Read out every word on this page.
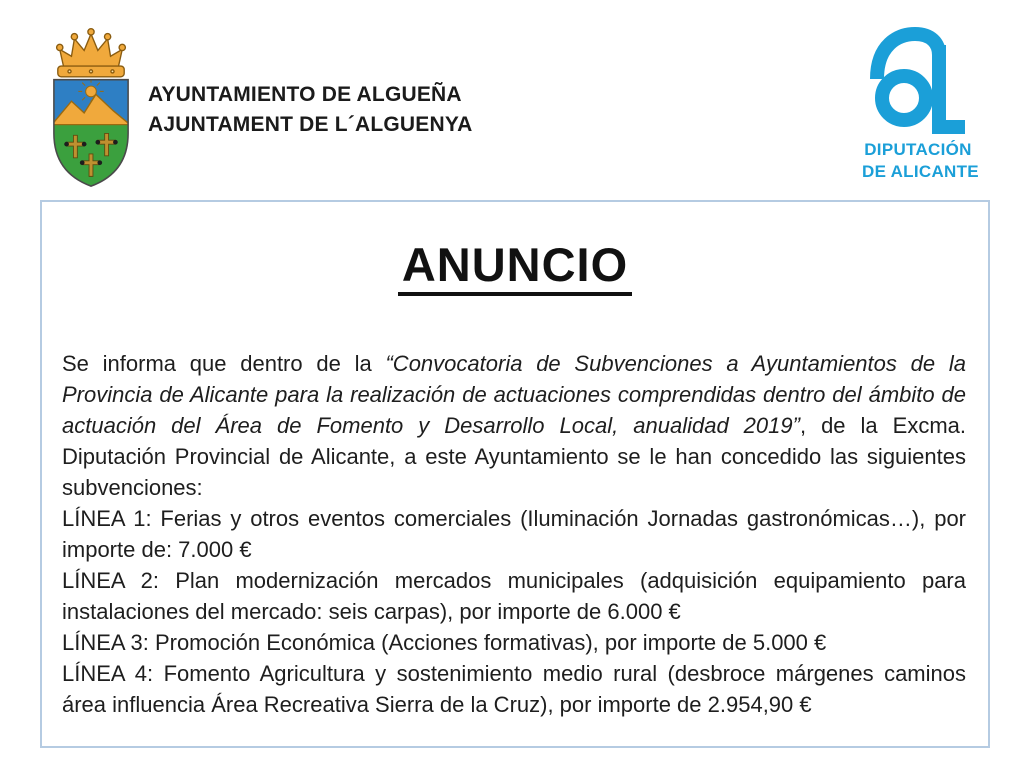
AYUNTAMIENTO DE ALGUEÑA
AJUNTAMENT DE L´ALGUENYA
DIPUTACIÓN
DE ALICANTE
ANUNCIO

Se informa que dentro de la “Convocatoria de Subvenciones a Ayuntamientos de la Provincia de Alicante para la realización de actuaciones comprendidas dentro del ámbito de actuación del Área de Fomento y Desarrollo Local, anualidad 2019”, de la Excma. Diputación Provincial de Alicante, a este Ayuntamiento se le han concedido las siguientes subvenciones:

LÍNEA 1: Ferias y otros eventos comerciales (Iluminación Jornadas gastronómicas…), por importe de: 7.000 €

LÍNEA 2: Plan modernización mercados municipales (adquisición equipamiento para instalaciones del mercado: seis carpas), por importe de 6.000 €

LÍNEA 3: Promoción Económica (Acciones formativas), por importe de 5.000 €

LÍNEA 4: Fomento Agricultura y sostenimiento medio rural (desbroce márgenes caminos área influencia Área Recreativa Sierra de la Cruz), por importe de 2.954,90 €
